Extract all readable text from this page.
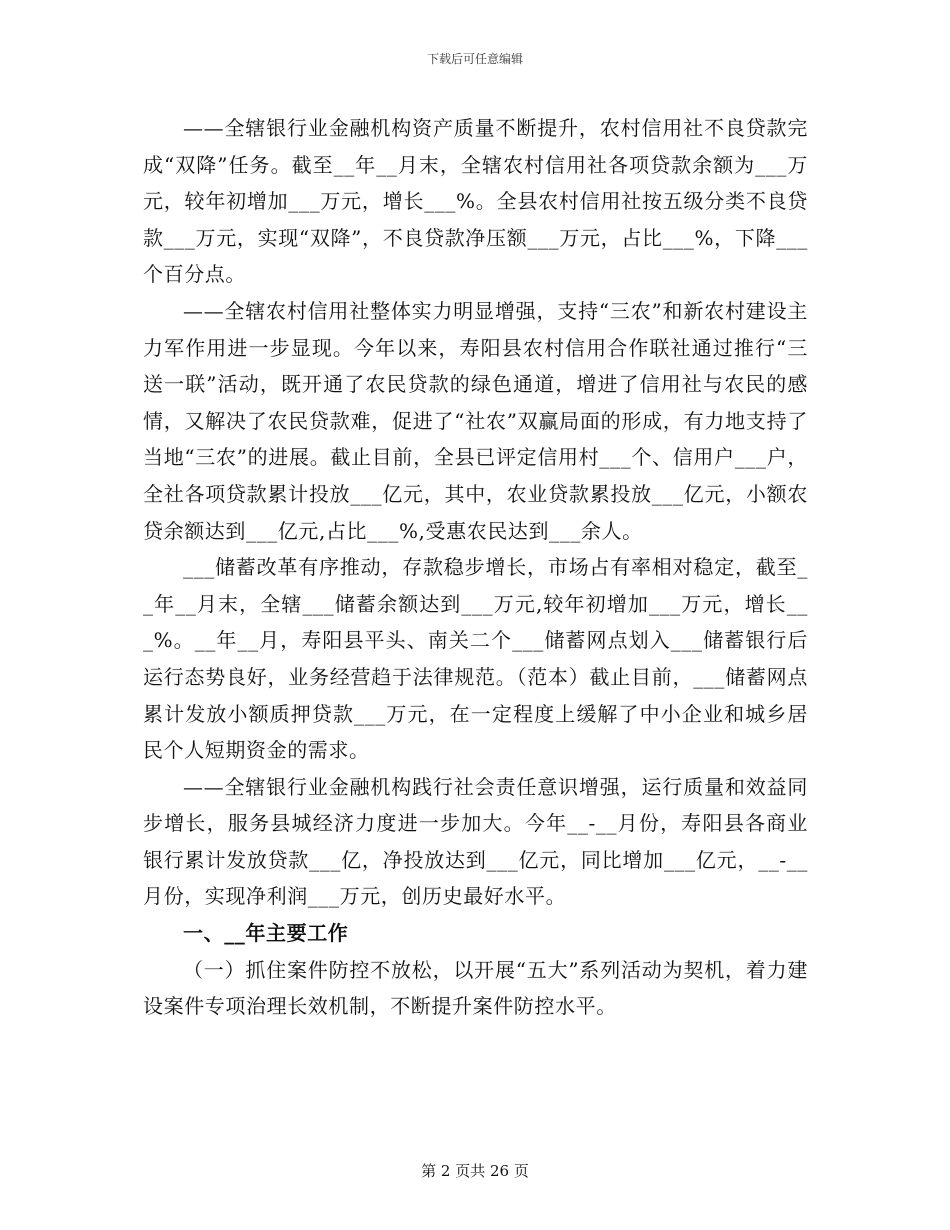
下载后可任意编辑

——全辖银行业金融机构资产质量不断提升，农村信用社不良贷款完成“双降”任务。截至__年__月末，全辖农村信用社各项贷款余额为___万元，较年初增加___万元，增长___%。全县农村信用社按五级分类不良贷款___万元，实现“双降”，不良贷款净压额___万元，占比___%，下降___个百分点。

——全辖农村信用社整体实力明显增强，支持“三农”和新农村建设主力军作用进一步显现。今年以来，寿阳县农村信用合作联社通过推行“三送一联”活动，既开通了农民贷款的绿色通道，增进了信用社与农民的感情，又解决了农民贷款难，促进了“社农”双赢局面的形成，有力地支持了当地“三农”的进展。截止目前，全县已评定信用村___个、信用户___户，全社各项贷款累计投放___亿元，其中，农业贷款累投放___亿元，小额农贷余额达到___亿元,占比___%,受惠农民达到___余人。

___储蓄改革有序推动，存款稳步增长，市场占有率相对稳定，截至__年__月末，全辖___储蓄余额达到___万元,较年初增加___万元，增长___%。__年__月，寿阳县平头、南关二个___储蓄网点划入___储蓄银行后运行态势良好，业务经营趋于法律规范。（范本）截止目前，___储蓄网点累计发放小额质押贷款___万元，在一定程度上缓解了中小企业和城乡居民个人短期资金的需求。

——全辖银行业金融机构践行社会责任意识增强，运行质量和效益同步增长，服务县城经济力度进一步加大。今年__-__月份，寿阳县各商业银行累计发放贷款___亿，净投放达到___亿元，同比增加___亿元，__-__月份，实现净利润___万元，创历史最好水平。

一、__年主要工作

（一）抓住案件防控不放松，以开展“五大”系列活动为契机，着力建设案件专项治理长效机制，不断提升案件防控水平。

第 2 页共 26 页
